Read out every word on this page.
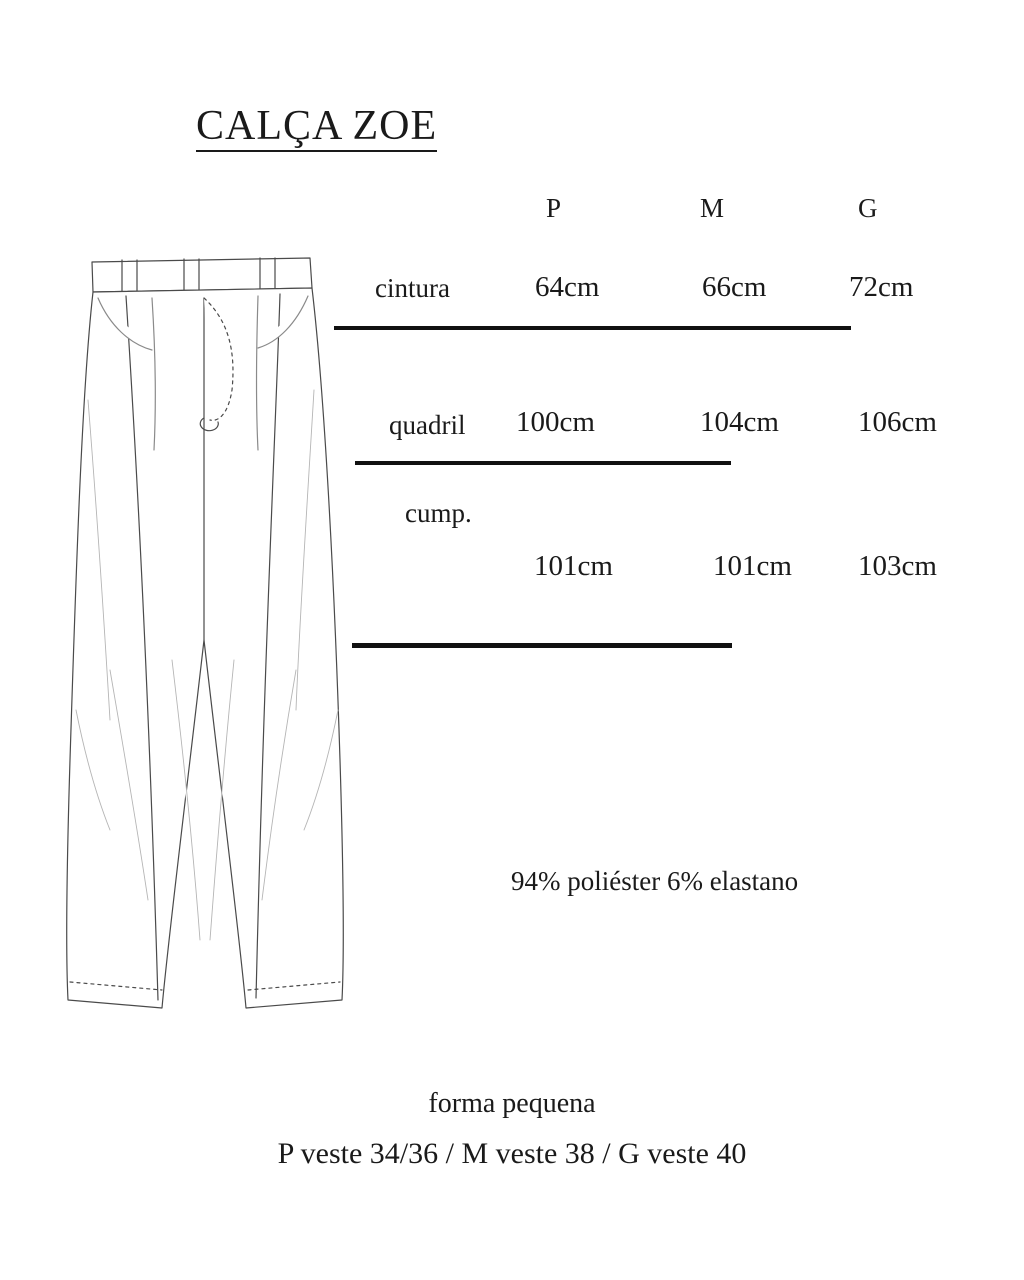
CALÇA ZOE
P	M	G
cintura	64cm	66cm	72cm
quadril 100cm	104cm	106cm
cump.
101cm	101cm 103cm
94% poliéster 6% elastano
forma pequena
P veste 34/36 / M veste 38 / G veste 40
